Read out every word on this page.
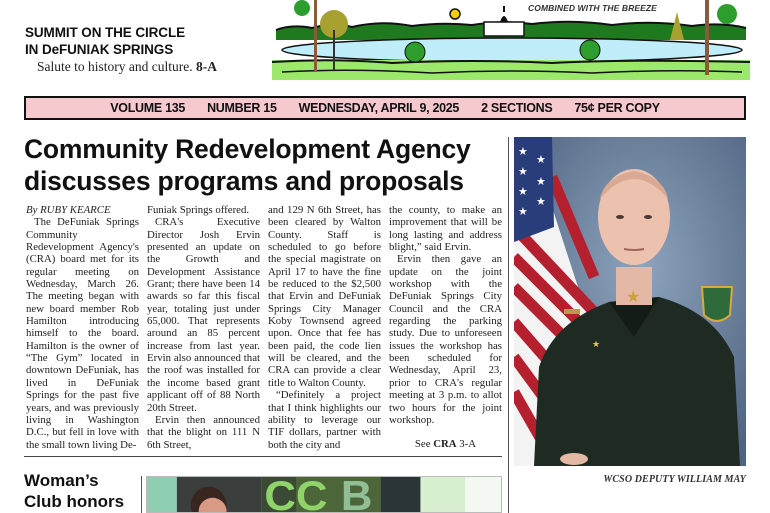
SUMMIT ON THE CIRCLE
IN DeFUNIAK SPRINGS
Salute to history and culture. 8-A
COMBINED WITH THE BREEZE
VOLUME 135 NUMBER 15 WEDNESDAY, APRIL 9, 2025 2 SECTIONS 75¢ PER COPY
Community Redevelopment Agency
discusses programs and proposals

By RUBY KEARCE

The DeFuniak Springs Community Redevelopment Agency's (CRA) board met for its regular meeting on Wednesday, March 26. The meeting began with new board member Rob Hamilton introducing himself to the board. Hamilton is the owner of “The Gym” located in downtown DeFuniak, has lived in DeFuniak Springs for the past five years, and was previously living in Washington D.C., but fell in love with the small town living De-

Funiak Springs offered.

CRA's Executive Director Josh Ervin presented an update on the Growth and Development Assistance Grant; there have been 14 awards so far this fiscal year, totaling just under 65,000. That represents around an 85 percent increase from last year. Ervin also announced that the roof was installed for the income based grant applicant off of 88 North 20th Street.

Ervin then announced that the blight on 111 N 6th Street,

and 129 N 6th Street, has been cleared by Walton County. Staff is scheduled to go before the special magistrate on April 17 to have the fine be reduced to the $2,500 that Ervin and DeFuniak Springs City Manager Koby Townsend agreed upon. Once that fee has been paid, the code lien will be cleared, and the CRA can provide a clear title to Walton County.

“Definitely a project that I think highlights our ability to leverage our TIF dollars, partner with both the city and

the county, to make an improvement that will be long lasting and address blight,” said Ervin.

Ervin then gave an update on the joint workshop with the DeFuniak Springs City Council and the CRA regarding the parking study. Due to unforeseen issues the workshop has been scheduled for Wednesday, April 23, prior to CRA's regular meeting at 3 p.m. to allot two hours for the joint workshop.

See CRA 3-A

★
★
★
★
★
★
★
★
★
WCSO DEPUTY WILLIAM MAY
Woman’s
Club honors	CC B
